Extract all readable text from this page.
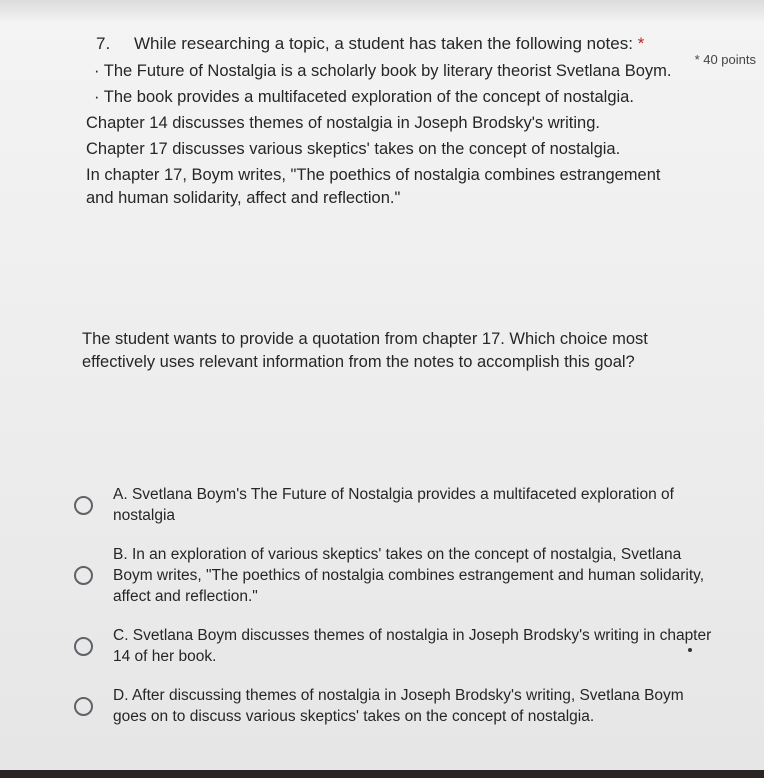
7. While researching a topic, a student has taken the following notes: *
* 40 points

· The Future of Nostalgia is a scholarly book by literary theorist Svetlana Boym.

· The book provides a multifaceted exploration of the concept of nostalgia.

Chapter 14 discusses themes of nostalgia in Joseph Brodsky's writing.

Chapter 17 discusses various skeptics' takes on the concept of nostalgia.

In chapter 17, Boym writes, "The poethics of nostalgia combines estrangement and human solidarity, affect and reflection."

The student wants to provide a quotation from chapter 17. Which choice most effectively uses relevant information from the notes to accomplish this goal?
A. Svetlana Boym's The Future of Nostalgia provides a multifaceted exploration of nostalgia
B. In an exploration of various skeptics' takes on the concept of nostalgia, Svetlana Boym writes, "The poethics of nostalgia combines estrangement and human solidarity, affect and reflection."
C. Svetlana Boym discusses themes of nostalgia in Joseph Brodsky's writing in chapter 14 of her book.
D. After discussing themes of nostalgia in Joseph Brodsky's writing, Svetlana Boym goes on to discuss various skeptics' takes on the concept of nostalgia.
